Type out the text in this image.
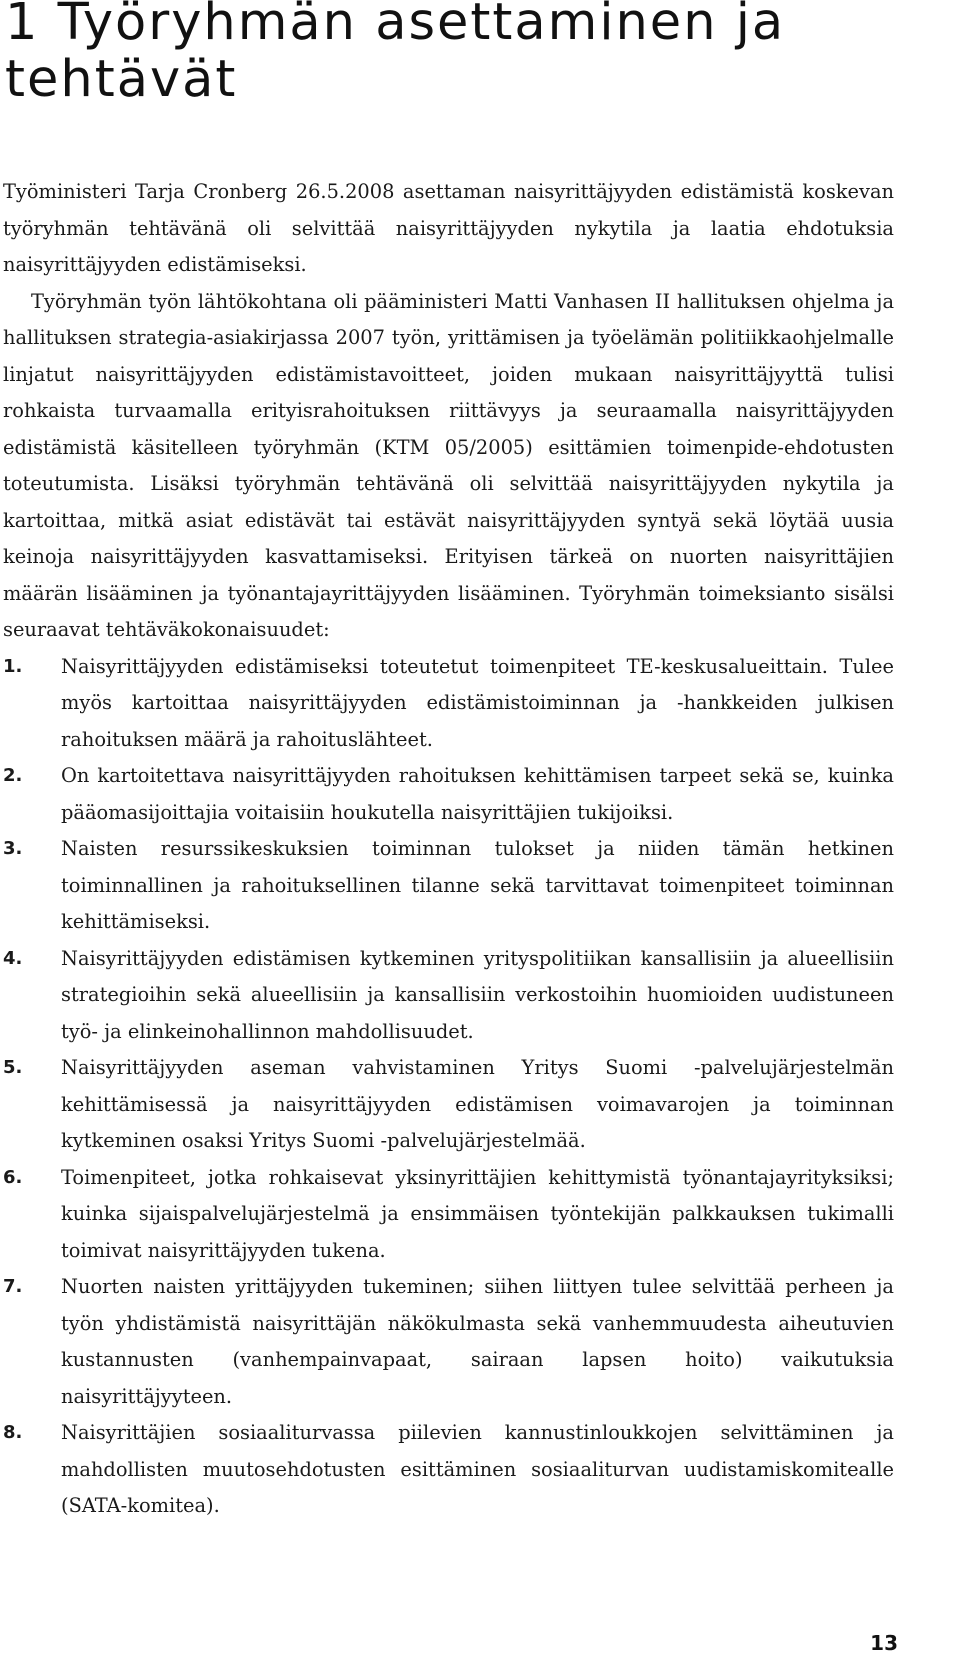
1 Työryhmän asettaminen ja tehtävät

Työministeri Tarja Cronberg 26.5.2008 asettaman naisyrittäjyyden edistämistä koskevan työryhmän tehtävänä oli selvittää naisyrittäjyyden nykytila ja laatia ehdotuksia naisyrittäjyyden edistämiseksi.

Työryhmän työn lähtökohtana oli pääministeri Matti Vanhasen II hallituksen ohjelma ja hallituksen strategia-asiakirjassa 2007 työn, yrittämisen ja työelämän politiikkaohjelmalle linjatut naisyrittäjyyden edistämistavoitteet, joiden mukaan naisyrittäjyyttä tulisi rohkaista turvaamalla erityisrahoituksen riittävyys ja seuraamalla naisyrittäjyyden edistämistä käsitelleen työryhmän (KTM 05/2005) esittämien toimenpide-ehdotusten toteutumista. Lisäksi työryhmän tehtävänä oli selvittää naisyrittäjyyden nykytila ja kartoittaa, mitkä asiat edistävät tai estävät naisyrittäjyyden syntyä sekä löytää uusia keinoja naisyrittäjyyden kasvattamiseksi. Erityisen tärkeä on nuorten naisyrittäjien määrän lisääminen ja työnantajayrittäjyyden lisääminen. Työryhmän toimeksianto sisälsi seuraavat tehtäväkokonaisuudet:

1. Naisyrittäjyyden edistämiseksi toteutetut toimenpiteet TE-keskusalueittain. Tulee myös kartoittaa naisyrittäjyyden edistämistoiminnan ja -hankkeiden julkisen rahoituksen määrä ja rahoituslähteet.
2. On kartoitettava naisyrittäjyyden rahoituksen kehittämisen tarpeet sekä se, kuinka pääomasijoittajia voitaisiin houkutella naisyrittäjien tukijoiksi.
3. Naisten resurssikeskuksien toiminnan tulokset ja niiden tämän hetkinen toiminnallinen ja rahoituksellinen tilanne sekä tarvittavat toimenpiteet toiminnan kehittämiseksi.
4. Naisyrittäjyyden edistämisen kytkeminen yrityspolitiikan kansallisiin ja alueellisiin strategioihin sekä alueellisiin ja kansallisiin verkostoihin huomioiden uudistuneen työ- ja elinkeinohallinnon mahdollisuudet.
5. Naisyrittäjyyden aseman vahvistaminen Yritys Suomi -palvelujärjestelmän kehittämisessä ja naisyrittäjyyden edistämisen voimavarojen ja toiminnan kytkeminen osaksi Yritys Suomi -palvelujärjestelmää.
6. Toimenpiteet, jotka rohkaisevat yksinyrittäjien kehittymistä työnantajayrityksiksi; kuinka sijaispalvelujärjestelmä ja ensimmäisen työntekijän palkkauksen tukimalli toimivat naisyrittäjyyden tukena.
7. Nuorten naisten yrittäjyyden tukeminen; siihen liittyen tulee selvittää perheen ja työn yhdistämistä naisyrittäjän näkökulmasta sekä vanhemmuudesta aiheutuvien kustannusten (vanhempainvapaat, sairaan lapsen hoito) vaikutuksia naisyrittäjyyteen.
8. Naisyrittäjien sosiaaliturvassa piilevien kannustinloukkojen selvittäminen ja mahdollisten muutosehdotusten esittäminen sosiaaliturvan uudistamiskomitealle (SATA-komitea).
13
